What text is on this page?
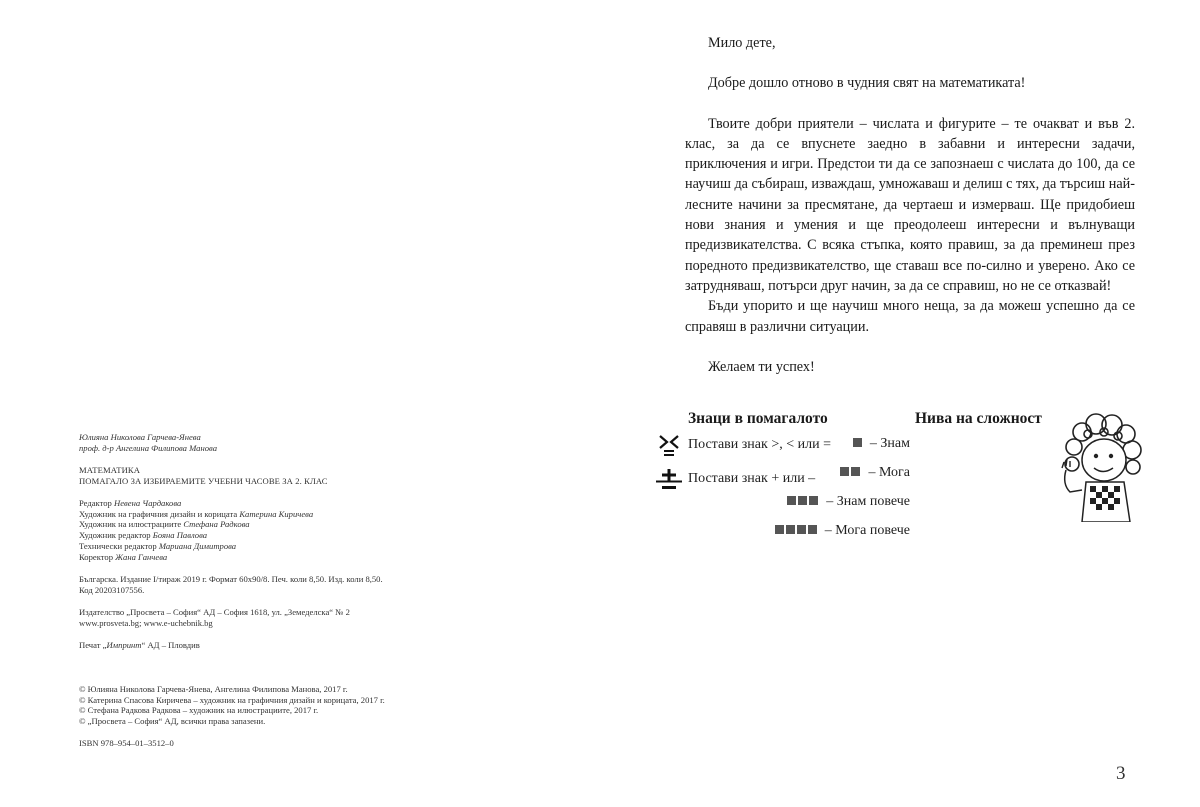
Юлияна Николова Гарчева-Янева
проф. д-р Ангелина Филипова Манова
МАТЕМАТИКА
ПОМАГАЛО ЗА ИЗБИРАЕМИТЕ УЧЕБНИ ЧАСОВЕ ЗА 2. КЛАС
Редактор Невена Чардакова
Художник на графичния дизайн и корицата Катерина Киричева
Художник на илюстрациите Стефана Радкова
Художник редактор Бояна Павлова
Технически редактор Мариана Димитрова
Коректор Жана Ганчева
Българска. Издание I/тираж 2019 г. Формат 60х90/8. Печ. коли 8,50. Изд. коли 8,50.
Код 20203107556.
Издателство „Просвета – София“ АД – София 1618, ул. „Земеделска“ № 2
www.prosveta.bg; www.e-uchebnik.bg
Печат „Импринт“ АД – Пловдив
© Юлияна Николова Гарчева-Янева, Ангелина Филипова Манова, 2017 г.
© Катерина Спасова Киричева – художник на графичния дизайн и корицата, 2017 г.
© Стефана Радкова Радкова – художник на илюстрациите, 2017 г.
© „Просвета – София“ АД, всички права запазени.
ISBN 978–954–01–3512–0

Мило дете,

Добре дошло отново в чудния свят на математиката!

Твоите добри приятели – числата и фигурите – те очакват и във 2. клас, за да се впуснете заедно в забавни и интересни задачи, приключения и игри. Предстои ти да се запознаеш с числата до 100, да се научиш да събираш, изваждаш, умножаваш и делиш с тях, да търсиш най-лесните начини за пресмятане, да чертаеш и измерваш. Ще придобиеш нови знания и умения и ще преодолееш интересни и вълнуващи предизвикателства. С всяка стъпка, която правиш, за да преминеш през поредното предизвикателство, ще ставаш все по-силно и уверено. Ако се затрудняваш, потърси друг начин, за да се справиш, но не се отказвай!

Бъди упорито и ще научиш много неща, за да можеш успешно да се справяш в различни ситуации.

Желаем ти успех!

Знаци в помагалото
Постави знак >, < или =
Постави знак + или –
Нива на сложност
– Знам
– Мога
– Знам повече
– Мога повече
3
